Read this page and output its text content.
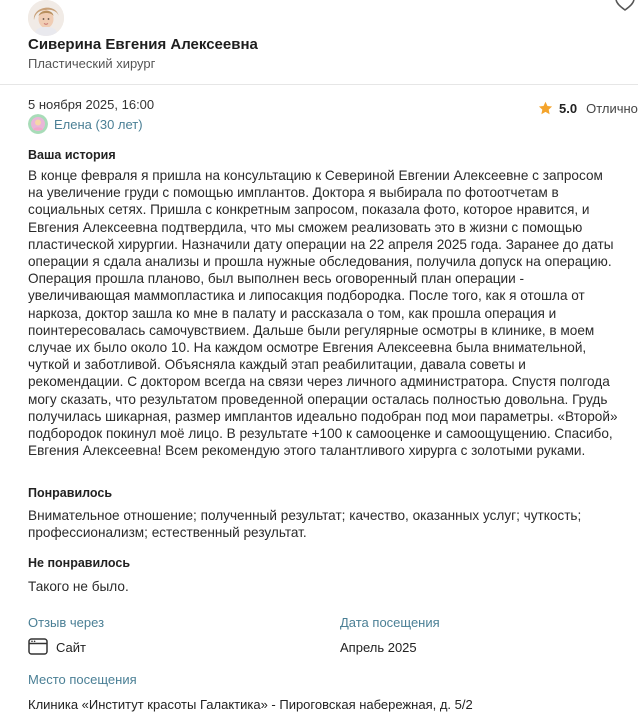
Сиверина Евгения Алексеевна
Пластический хирург
5 ноября 2025, 16:00
Елена (30 лет)
5.0 Отлично
Ваша история
В конце февраля я пришла на консультацию к Севериной Евгении Алексеевне с запросом на увеличение груди с помощью имплантов. Доктора я выбирала по фотоотчетам в социальных сетях. Пришла с конкретным запросом, показала фото, которое нравится, и Евгения Алексеевна подтвердила, что мы сможем реализовать это в жизни с помощью пластической хирургии. Назначили дату операции на 22 апреля 2025 года. Заранее до даты операции я сдала анализы и прошла нужные обследования, получила допуск на операцию. Операция прошла планово, был выполнен весь оговоренный план операции - увеличивающая маммопластика и липосакция подбородка. После того, как я отошла от наркоза, доктор зашла ко мне в палату и рассказала о том, как прошла операция и поинтересовалась самочувствием. Дальше были регулярные осмотры в клинике, в моем случае их было около 10. На каждом осмотре Евгения Алексеевна была внимательной, чуткой и заботливой. Объясняла каждый этап реабилитации, давала советы и рекомендации. С доктором всегда на связи через личного администратора. Спустя полгода могу сказать, что результатом проведенной операции осталась полностью довольна. Грудь получилась шикарная, размер имплантов идеально подобран под мои параметры. «Второй» подбородок покинул моё лицо. В результате +100 к самооценке и самоощущению. Спасибо, Евгения Алексеевна! Всем рекомендую этого талантливого хирурга с золотыми руками.
Понравилось
Внимательное отношение; полученный результат; качество, оказанных услуг; чуткость; профессионализм; естественный результат.
Не понравилось
Такого не было.
Отзыв через
Сайт
Дата посещения
Апрель 2025
Место посещения
Клиника «Институт красоты Галактика» - Пироговская набережная, д. 5/2
